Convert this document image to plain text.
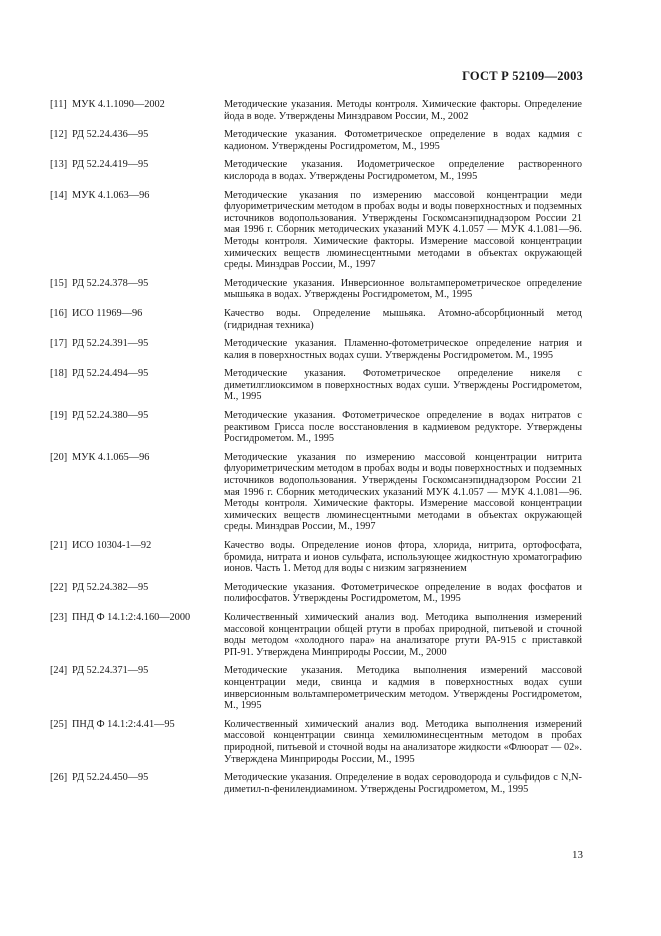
ГОСТ Р 52109—2003
[11] МУК 4.1.1090—2002	Методические указания. Методы контроля. Химические факторы. Определение йода в воде. Утверждены Минздравом России, М., 2002
[12] РД 52.24.436—95	Методические указания. Фотометрическое определение в водах кадмия с кадионом. Утверждены Росгидрометом, М., 1995
[13] РД 52.24.419—95	Методические указания. Иодометрическое определение растворенного кислорода в водах. Утверждены Росгидрометом, М., 1995
[14] МУК 4.1.063—96	Методические указания по измерению массовой концентрации меди флуориметрическим методом в пробах воды и воды поверхностных и подземных источников водопользования. Утверждены Госкомсанэпиднадзором России 21 мая 1996 г. Сборник методических указаний МУК 4.1.057 — МУК 4.1.081—96. Методы контроля. Химические факторы. Измерение массовой концентрации химических веществ люминесцентными методами в объектах окружающей среды. Минздрав России, М., 1997
[15] РД 52.24.378—95	Методические указания. Инверсионное вольтамперометрическое определение мышьяка в водах. Утверждены Росгидрометом, М., 1995
[16] ИСО 11969—96	Качество воды. Определение мышьяка. Атомно-абсорбционный метод (гидридная техника)
[17] РД 52.24.391—95	Методические указания. Пламенно-фотометрическое определение натрия и калия в поверхностных водах суши. Утверждены Росгидрометом. М., 1995
[18] РД 52.24.494—95	Методические указания. Фотометрическое определение никеля с диметилглиоксимом в поверхностных водах суши. Утверждены Росгидрометом, М., 1995
[19] РД 52.24.380—95	Методические указания. Фотометрическое определение в водах нитратов с реактивом Грисса после восстановления в кадмиевом редукторе. Утверждены Росгидрометом. М., 1995
[20] МУК 4.1.065—96	Методические указания по измерению массовой концентрации нитрита флуориметрическим методом в пробах воды и воды поверхностных и подземных источников водопользования. Утверждены Госкомсанэпиднадзором России 21 мая 1996 г. Сборник методических указаний МУК 4.1.057 — МУК 4.1.081—96. Методы контроля. Химические факторы. Измерение массовой концентрации химических веществ люминесцентными методами в объектах окружающей среды. Минздрав России, М., 1997
[21] ИСО 10304-1—92	Качество воды. Определение ионов фтора, хлорида, нитрита, ортофосфата, бромида, нитрата и ионов сульфата, использующее жидкостную хроматографию ионов. Часть 1. Метод для воды с низким загрязнением
[22] РД 52.24.382—95	Методические указания. Фотометрическое определение в водах фосфатов и полифосфатов. Утверждены Росгидрометом, М., 1995
[23] ПНД Ф 14.1:2:4.160—2000	Количественный химический анализ вод. Методика выполнения измерений массовой концентрации общей ртути в пробах природной, питьевой и сточной воды методом «холодного пара» на анализаторе ртути РА-915 с приставкой РП-91. Утверждена Минприроды России, М., 2000
[24] РД 52.24.371—95	Методические указания. Методика выполнения измерений массовой концентрации меди, свинца и кадмия в поверхностных водах суши инверсионным вольтамперометрическим методом. Утверждены Росгидрометом, М., 1995
[25] ПНД Ф 14.1:2:4.41—95	Количественный химический анализ вод. Методика выполнения измерений массовой концентрации свинца хемилюминесцентным методом в пробах природной, питьевой и сточной воды на анализаторе жидкости «Флюорат — 02». Утверждена Минприроды России, М., 1995
[26] РД 52.24.450—95	Методические указания. Определение в водах сероводорода и сульфидов с N,N-диметил-n-фенилендиамином. Утверждены Росгидрометом, М., 1995
13
